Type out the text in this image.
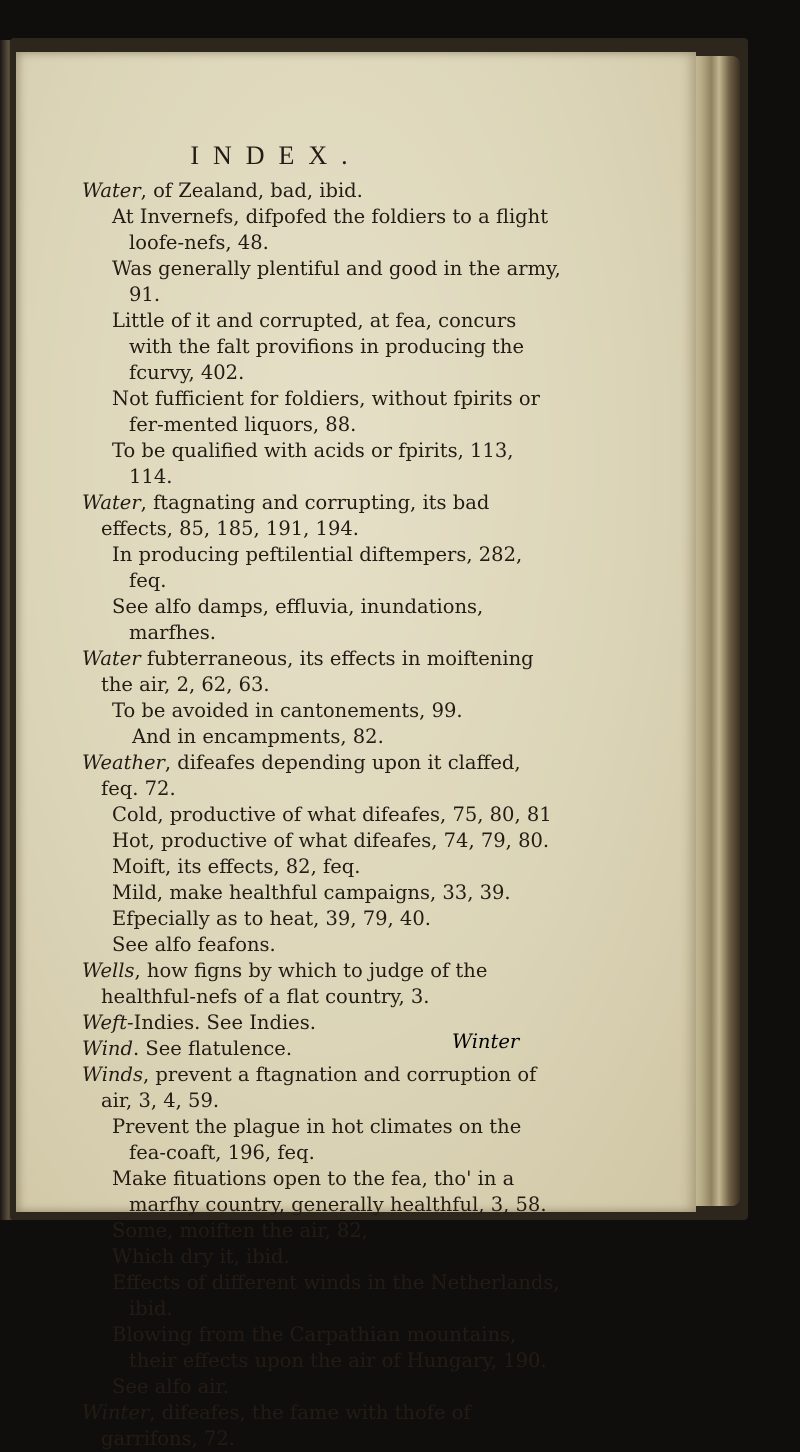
INDEX.

Water, of Zealand, bad, ibid.

At Invernefs, difpofed the foldiers to a flight loofe-nefs, 48.

Was generally plentiful and good in the army, 91.

Little of it and corrupted, at fea, concurs with the falt provifions in producing the fcurvy, 402.

Not fufficient for foldiers, without fpirits or fer-mented liquors, 88.

To be qualified with acids or fpirits, 113, 114.

Water, ftagnating and corrupting, its bad effects, 85, 185, 191, 194.

In producing peftilential diftempers, 282, feq.

See alfo damps, effluvia, inundations, marfhes.

Water fubterraneous, its effects in moiftening the air, 2, 62, 63.

To be avoided in cantonements, 99.

And in encampments, 82.

Weather, difeafes depending upon it claffed, feq. 72.

Cold, productive of what difeafes, 75, 80, 81

Hot, productive of what difeafes, 74, 79, 80.

Moift, its effects, 82, feq.

Mild, make healthful campaigns, 33, 39.

Efpecially as to heat, 39, 79, 40.

See alfo feafons.

Wells, how figns by which to judge of the healthful-nefs of a flat country, 3.

Weft-Indies. See Indies.

Wind. See flatulence.

Winds, prevent a ftagnation and corruption of air, 3, 4, 59.

Prevent the plague in hot climates on the fea-coaft, 196, feq.

Make fituations open to the fea, tho' in a marfhy country, generally healthful, 3, 58.

Some, moiften the air, 82,

Which dry it, ibid.

Effects of different winds in the Netherlands, ibid.

Blowing from the Carpathian mountains, their effects upon the air of Hungary, 190.

See alfo air.

Winter, difeafes, the fame with thofe of garrifons, 72.

Winter
